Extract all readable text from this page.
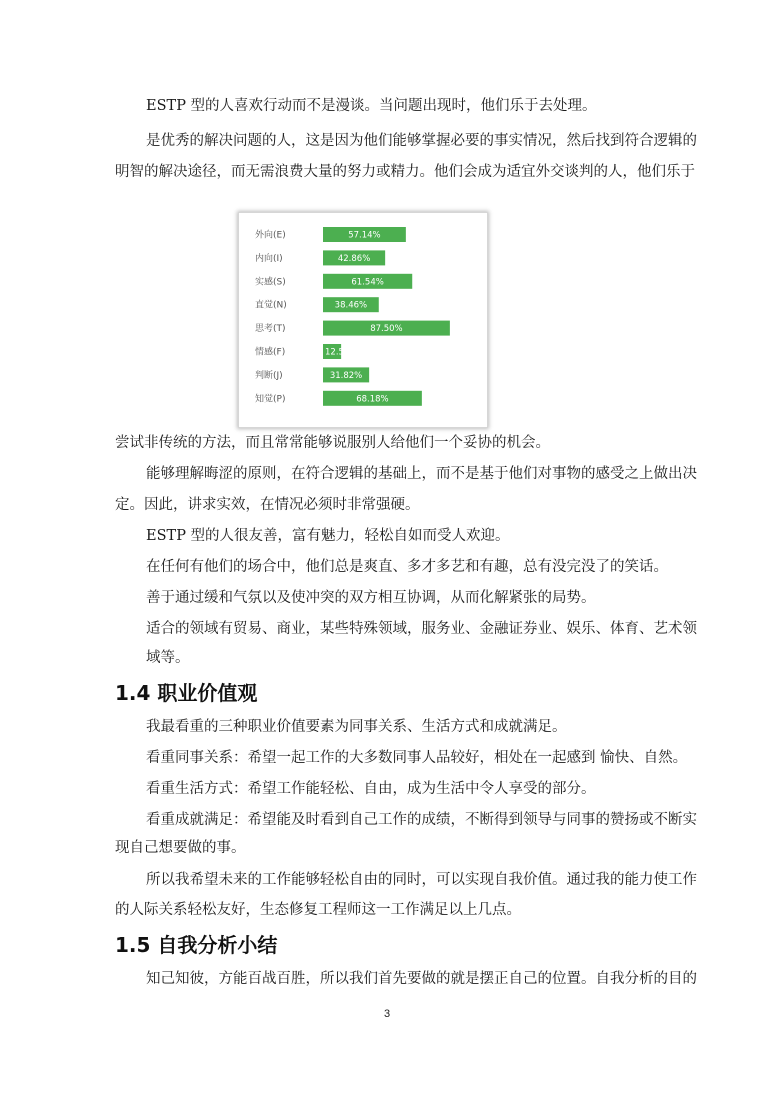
ESTP 型的人喜欢行动而不是漫谈。当问题出现时，他们乐于去处理。
是优秀的解决问题的人，这是因为他们能够掌握必要的事实情况，然后找到符合逻辑的
明智的解决途径，而无需浪费大量的努力或精力。他们会成为适宜外交谈判的人，他们乐于
外向(E)	57.14%
内向(I)	42.86%
实感(S)	61.54%
直觉(N)	38.46%
思考(T)	87.50%
情感(F)	12.5
判断(J)	31.82%
知觉(P)	68.18%
尝试非传统的方法，而且常常能够说服别人给他们一个妥协的机会。
能够理解晦涩的原则，在符合逻辑的基础上，而不是基于他们对事物的感受之上做出决
定。因此，讲求实效，在情况必须时非常强硬。
ESTP 型的人很友善，富有魅力，轻松自如而受人欢迎。
在任何有他们的场合中，他们总是爽直、多才多艺和有趣，总有没完没了的笑话。
善于通过缓和气氛以及使冲突的双方相互协调，从而化解紧张的局势。
适合的领域有贸易、商业，某些特殊领域，服务业、金融证券业、娱乐、体育、艺术领
域等。
1.4 职业价值观
我最看重的三种职业价值要素为同事关系、生活方式和成就满足。
看重同事关系：希望一起工作的大多数同事人品较好，相处在一起感到 愉快、自然。
看重生活方式：希望工作能轻松、自由，成为生活中令人享受的部分。
看重成就满足：希望能及时看到自己工作的成绩，不断得到领导与同事的赞扬或不断实
现自己想要做的事。
所以我希望未来的工作能够轻松自由的同时，可以实现自我价值。通过我的能力使工作
的人际关系轻松友好，生态修复工程师这一工作满足以上几点。
1.5 自我分析小结
知己知彼，方能百战百胜，所以我们首先要做的就是摆正自己的位置。自我分析的目的
3
